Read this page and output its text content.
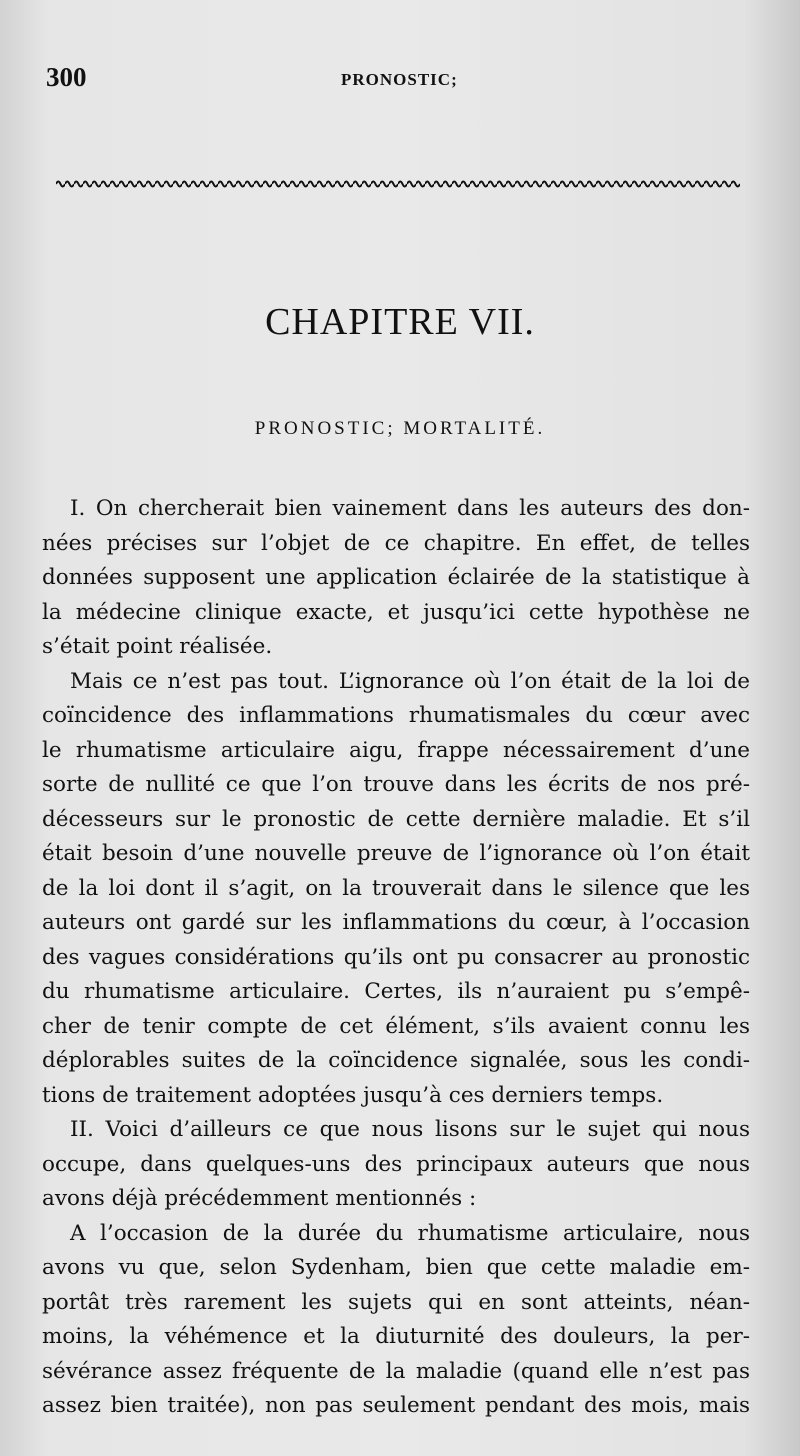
300	PRONOSTIC;
CHAPITRE VII.
PRONOSTIC; MORTALITÉ.
I. On chercherait bien vainement dans les auteurs des don-
nées précises sur l’objet de ce chapitre. En effet, de telles
données supposent une application éclairée de la statistique à
la médecine clinique exacte, et jusqu’ici cette hypothèse ne
s’était point réalisée.
Mais ce n’est pas tout. L’ignorance où l’on était de la loi de
coïncidence des inflammations rhumatismales du cœur avec
le rhumatisme articulaire aigu, frappe nécessairement d’une
sorte de nullité ce que l’on trouve dans les écrits de nos pré-
décesseurs sur le pronostic de cette dernière maladie. Et s’il
était besoin d’une nouvelle preuve de l’ignorance où l’on était
de la loi dont il s’agit, on la trouverait dans le silence que les
auteurs ont gardé sur les inflammations du cœur, à l’occasion
des vagues considérations qu’ils ont pu consacrer au pronostic
du rhumatisme articulaire. Certes, ils n’auraient pu s’empê-
cher de tenir compte de cet élément, s’ils avaient connu les
déplorables suites de la coïncidence signalée, sous les condi-
tions de traitement adoptées jusqu’à ces derniers temps.
II. Voici d’ailleurs ce que nous lisons sur le sujet qui nous
occupe, dans quelques-uns des principaux auteurs que nous
avons déjà précédemment mentionnés :
A l’occasion de la durée du rhumatisme articulaire, nous
avons vu que, selon Sydenham, bien que cette maladie em-
portât très rarement les sujets qui en sont atteints, néan-
moins, la véhémence et la diuturnité des douleurs, la per-
sévérance assez fréquente de la maladie (quand elle n’est pas
assez bien traitée), non pas seulement pendant des mois, mais
